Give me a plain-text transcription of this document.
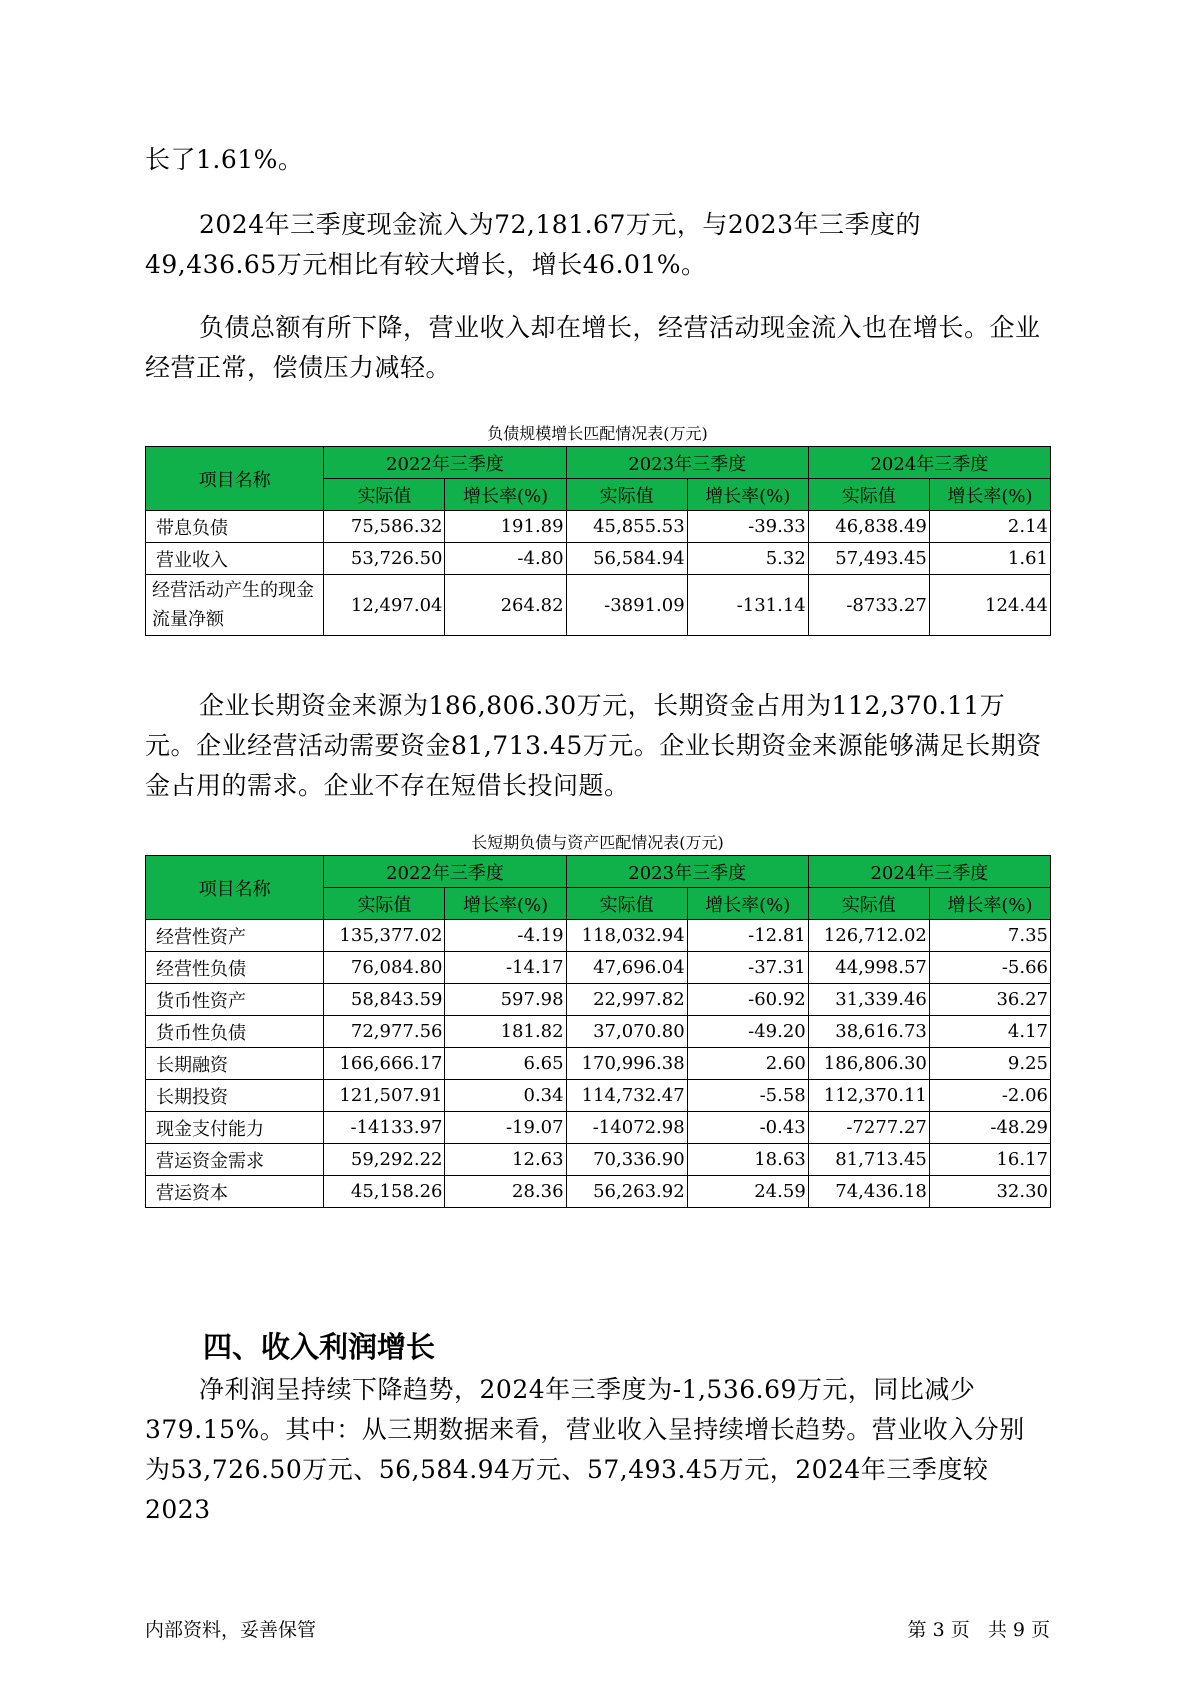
长了1.61%。

2024年三季度现金流入为72,181.67万元，与2023年三季度的49,436.65万元相比有较大增长，增长46.01%。

负债总额有所下降，营业收入却在增长，经营活动现金流入也在增长。企业经营正常，偿债压力减轻。

负债规模增长匹配情况表(万元)

项目名称	2022年三季度		2023年三季度		2024年三季度	
	实际值	增长率(%)	实际值	增长率(%)	实际值	增长率(%)
带息负债	75,586.32	191.89	45,855.53	-39.33	46,838.49	2.14
营业收入	53,726.50	-4.80	56,584.94	5.32	57,493.45	1.61
经营活动产生的现金流量净额	12,497.04	264.82	-3891.09	-131.14	-8733.27	124.44

企业长期资金来源为186,806.30万元，长期资金占用为112,370.11万元。企业经营活动需要资金81,713.45万元。企业长期资金来源能够满足长期资金占用的需求。企业不存在短借长投问题。

长短期负债与资产匹配情况表(万元)

项目名称	2022年三季度		2023年三季度		2024年三季度	
	实际值	增长率(%)	实际值	增长率(%)	实际值	增长率(%)
经营性资产	135,377.02	-4.19	118,032.94	-12.81	126,712.02	7.35
经营性负债	76,084.80	-14.17	47,696.04	-37.31	44,998.57	-5.66
货币性资产	58,843.59	597.98	22,997.82	-60.92	31,339.46	36.27
货币性负债	72,977.56	181.82	37,070.80	-49.20	38,616.73	4.17
长期融资	166,666.17	6.65	170,996.38	2.60	186,806.30	9.25
长期投资	121,507.91	0.34	114,732.47	-5.58	112,370.11	-2.06
现金支付能力	-14133.97	-19.07	-14072.98	-0.43	-7277.27	-48.29
营运资金需求	59,292.22	12.63	70,336.90	18.63	81,713.45	16.17
营运资本	45,158.26	28.36	56,263.92	24.59	74,436.18	32.30
四、收入利润增长

净利润呈持续下降趋势，2024年三季度为-1,536.69万元，同比减少379.15%。其中：从三期数据来看，营业收入呈持续增长趋势。营业收入分别为53,726.50万元、56,584.94万元、57,493.45万元，2024年三季度较2023

内部资料，妥善保管	第 3 页   共 9 页
